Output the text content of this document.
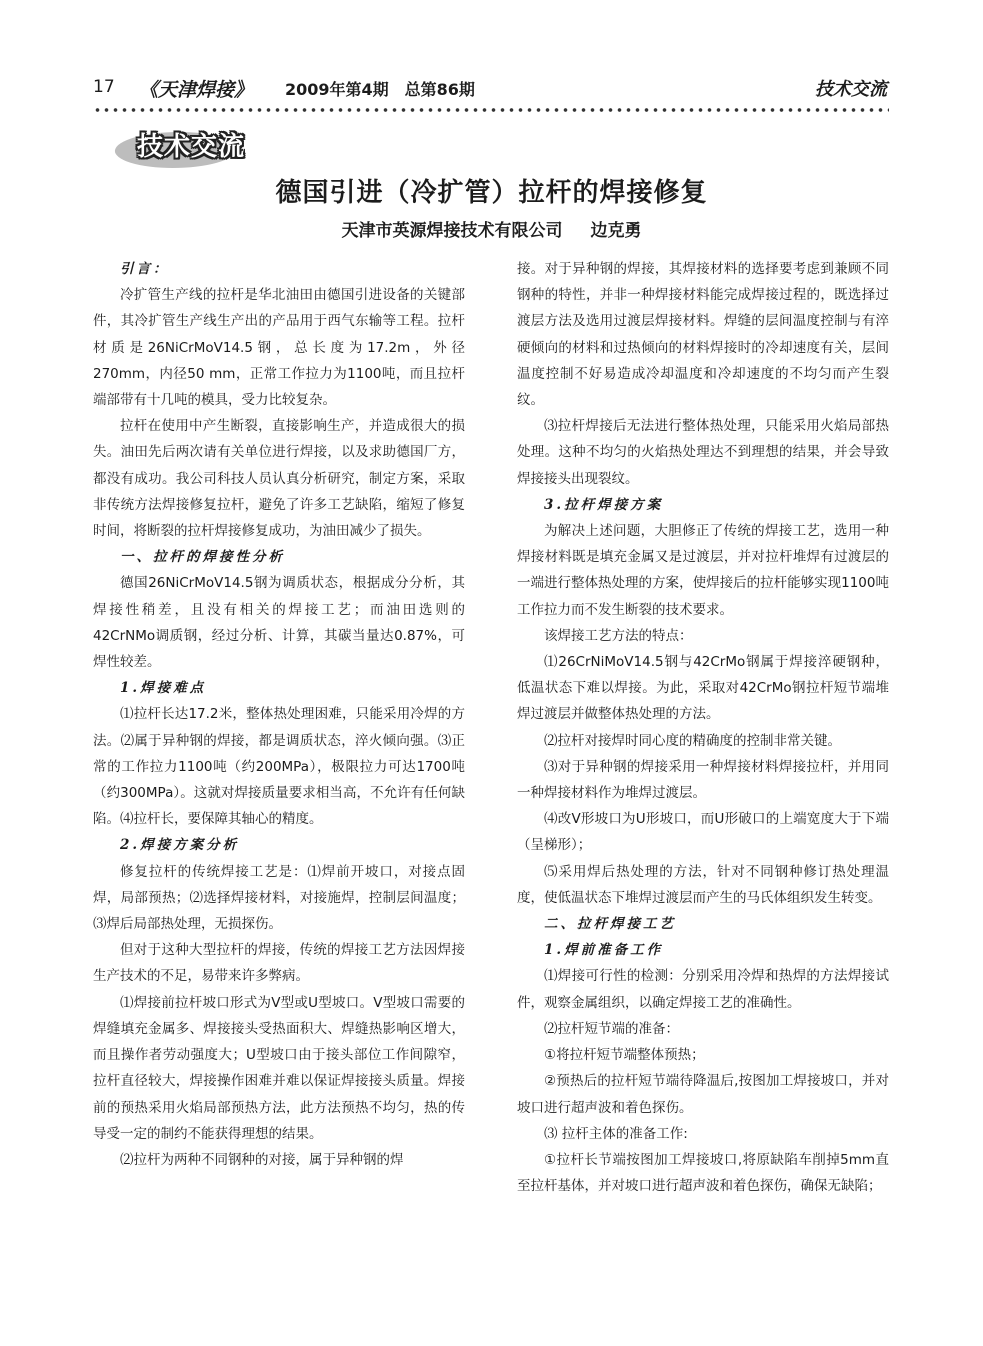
17 《天津焊接》 2009年第4期　总第86期	技术交流
技术交流
德国引进（冷扩管）拉杆的焊接修复
天津市英源焊接技术有限公司 边克勇
引言：

冷扩管生产线的拉杆是华北油田由德国引进设备的关键部件，其冷扩管生产线生产出的产品用于西气东输等工程。拉杆材质是26NiCrMoV14.5钢，总长度为17.2m，外径270mm，内径50 mm，正常工作拉力为1100吨，而且拉杆端部带有十几吨的模具，受力比较复杂。

拉杆在使用中产生断裂，直接影响生产，并造成很大的损失。油田先后两次请有关单位进行焊接，以及求助德国厂方，都没有成功。我公司科技人员认真分析研究，制定方案，采取非传统方法焊接修复拉杆，避免了许多工艺缺陷，缩短了修复时间，将断裂的拉杆焊接修复成功，为油田减少了损失。

一、拉杆的焊接性分析

德国26NiCrMoV14.5钢为调质状态，根据成分分析，其焊接性稍差，且没有相关的焊接工艺；而油田选则的42CrNMo调质钢，经过分析、计算，其碳当量达0.87%，可焊性较差。

1.焊接难点

⑴拉杆长达17.2米，整体热处理困难，只能采用冷焊的方法。⑵属于异种钢的焊接，都是调质状态，淬火倾向强。⑶正常的工作拉力1100吨（约200MPa），极限拉力可达1700吨（约300MPa）。这就对焊接质量要求相当高，不允许有任何缺陷。⑷拉杆长，要保障其轴心的精度。

2.焊接方案分析

修复拉杆的传统焊接工艺是：⑴焊前开坡口，对接点固焊，局部预热；⑵选择焊接材料，对接施焊，控制层间温度；⑶焊后局部热处理，无损探伤。

但对于这种大型拉杆的焊接，传统的焊接工艺方法因焊接生产技术的不足，易带来许多弊病。

⑴焊接前拉杆坡口形式为V型或U型坡口。V型坡口需要的焊缝填充金属多、焊接接头受热面积大、焊缝热影响区增大，而且操作者劳动强度大；U型坡口由于接头部位工作间隙窄，拉杆直径较大，焊接操作困难并难以保证焊接接头质量。焊接前的预热采用火焰局部预热方法，此方法预热不均匀，热的传导受一定的制约不能获得理想的结果。

⑵拉杆为两种不同钢种的对接，属于异种钢的焊

接。对于异种钢的焊接，其焊接材料的选择要考虑到兼顾不同钢种的特性，并非一种焊接材料能完成焊接过程的，既选择过渡层方法及选用过渡层焊接材料。焊缝的层间温度控制与有淬硬倾向的材料和过热倾向的材料焊接时的冷却速度有关，层间温度控制不好易造成冷却温度和冷却速度的不均匀而产生裂纹。

⑶拉杆焊接后无法进行整体热处理，只能采用火焰局部热处理。这种不均匀的火焰热处理达不到理想的结果，并会导致焊接接头出现裂纹。

3.拉杆焊接方案

为解决上述问题，大胆修正了传统的焊接工艺，选用一种焊接材料既是填充金属又是过渡层，并对拉杆堆焊有过渡层的一端进行整体热处理的方案，使焊接后的拉杆能够实现1100吨工作拉力而不发生断裂的技术要求。

该焊接工艺方法的特点：

⑴26CrNiMoV14.5钢与42CrMo钢属于焊接淬硬钢种，低温状态下难以焊接。为此，采取对42CrMo钢拉杆短节端堆焊过渡层并做整体热处理的方法。

⑵拉杆对接焊时同心度的精确度的控制非常关键。

⑶对于异种钢的焊接采用一种焊接材料焊接拉杆，并用同一种焊接材料作为堆焊过渡层。

⑷改V形坡口为U形坡口，而U形破口的上端宽度大于下端（呈梯形）；

⑸采用焊后热处理的方法，针对不同钢种修订热处理温度，使低温状态下堆焊过渡层而产生的马氏体组织发生转变。

二、拉杆焊接工艺
1.焊前准备工作

⑴焊接可行性的检测：分别采用冷焊和热焊的方法焊接试件，观察金属组织，以确定焊接工艺的准确性。

⑵拉杆短节端的准备：

①将拉杆短节端整体预热；

②预热后的拉杆短节端待降温后,按图加工焊接坡口，并对坡口进行超声波和着色探伤。

⑶ 拉杆主体的准备工作:

①拉杆长节端按图加工焊接坡口,将原缺陷车削掉5mm直至拉杆基体，并对坡口进行超声波和着色探伤，确保无缺陷；
